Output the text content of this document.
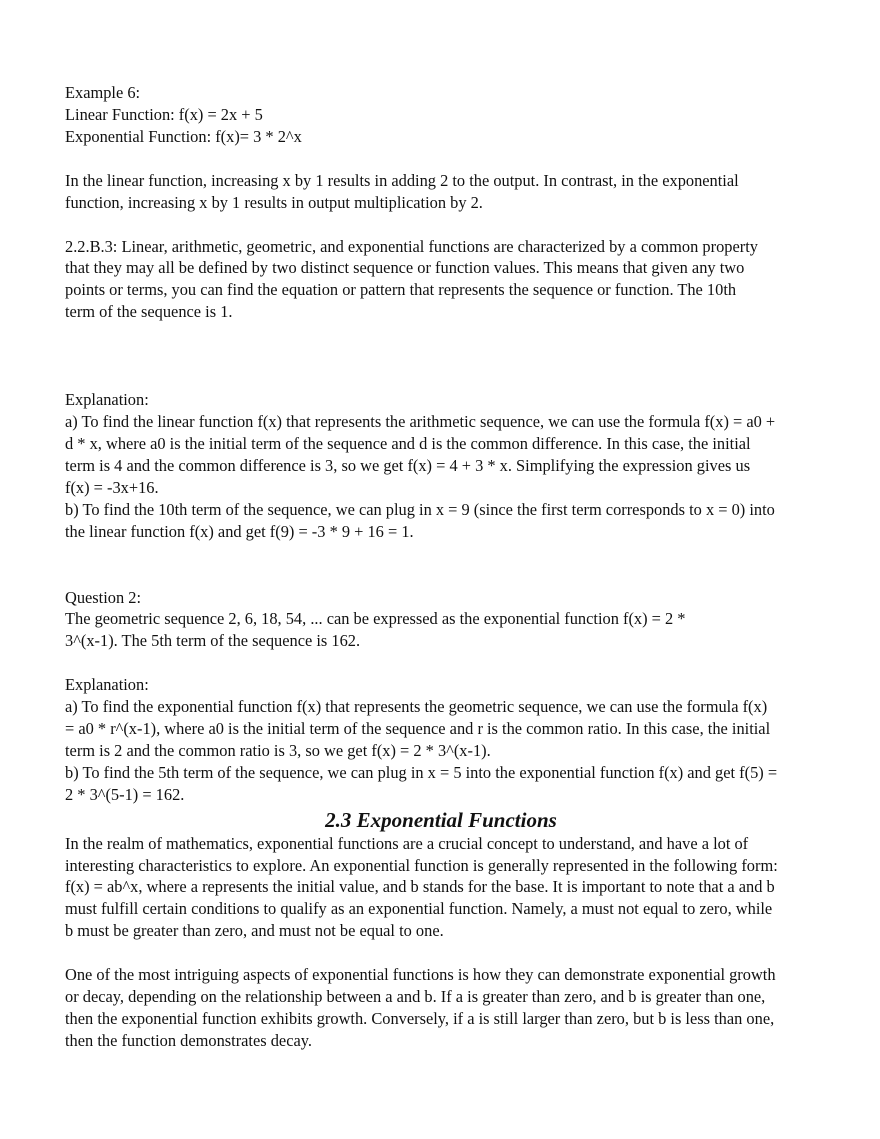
Example 6:

Linear Function: f(x) = 2x + 5

Exponential Function: f(x)= 3 * 2^x

In the linear function, increasing x by 1 results in adding 2 to the output. In contrast, in the exponential

function, increasing x by 1 results in output multiplication by 2.

2.2.B.3: Linear, arithmetic, geometric, and exponential functions are characterized by a common property

that they may all be defined by two distinct sequence or function values. This means that given any two

points or terms, you can find the equation or pattern that represents the sequence or function. The 10th

term of the sequence is 1.

Explanation:

a) To find the linear function f(x) that represents the arithmetic sequence, we can use the formula f(x) = a0 +

d * x, where a0 is the initial term of the sequence and d is the common difference. In this case, the initial

term is 4 and the common difference is 3, so we get f(x) = 4 + 3 * x. Simplifying the expression gives us

f(x) = -3x+16.

b) To find the 10th term of the sequence, we can plug in x = 9 (since the first term corresponds to x = 0) into

the linear function f(x) and get f(9) = -3 * 9 + 16 = 1.

Question 2:

The geometric sequence 2, 6, 18, 54, ... can be expressed as the exponential function f(x) = 2 *

3^(x-1). The 5th term of the sequence is 162.

Explanation:

a) To find the exponential function f(x) that represents the geometric sequence, we can use the formula f(x)

= a0 * r^(x-1), where a0 is the initial term of the sequence and r is the common ratio. In this case, the initial

term is 2 and the common ratio is 3, so we get f(x) = 2 * 3^(x-1).

b) To find the 5th term of the sequence, we can plug in x = 5 into the exponential function f(x) and get f(5) =

2 * 3^(5-1) = 162.

2.3 Exponential Functions

In the realm of mathematics, exponential functions are a crucial concept to understand, and have a lot of

interesting characteristics to explore. An exponential function is generally represented in the following form:

f(x) = ab^x, where a represents the initial value, and b stands for the base. It is important to note that a and b

must fulfill certain conditions to qualify as an exponential function. Namely, a must not equal to zero, while

b must be greater than zero, and must not be equal to one.

One of the most intriguing aspects of exponential functions is how they can demonstrate exponential growth

or decay, depending on the relationship between a and b. If a is greater than zero, and b is greater than one,

then the exponential function exhibits growth. Conversely, if a is still larger than zero, but b is less than one,

then the function demonstrates decay.
